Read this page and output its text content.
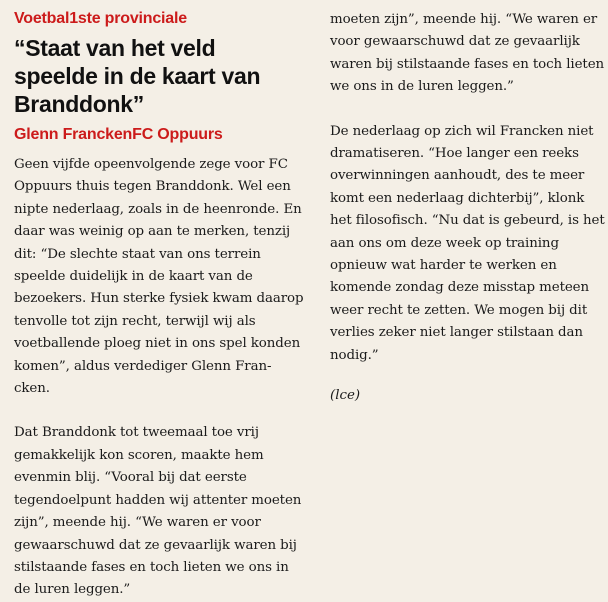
Voetbal1ste provinciale
“Staat van het veld speelde in de kaart van Branddonk”
Glenn FranckenFC Oppuurs

Geen vijfde opeenvolgende zege voor FC Oppuurs thuis tegen Branddonk. Wel een nipte nederlaag, zoals in de heenronde. En daar was weinig op aan te merken, tenzij dit: “De slechte staat van ons terrein speelde duidelijk in de kaart van de bezoekers. Hun sterke fysiek kwam daarop tenvolle tot zijn recht, terwijl wij als voetballende ploeg niet in ons spel konden komen”, aldus verdediger Glenn Fran-cken.

Dat Branddonk tot tweemaal toe vrij gemakkelijk kon scoren, maakte hem evenmin blij. “Vooral bij dat eerste tegendoelpunt hadden wij attenter moeten zijn”, meende hij. “We waren er voor gewaarschuwd dat ze gevaarlijk waren bij stilstaande fases en toch lieten we ons in de luren leggen.”

moeten zijn”, meende hij. “We waren er voor gewaarschuwd dat ze gevaarlijk waren bij stilstaande fases en toch lieten we ons in de luren leggen.”

De nederlaag op zich wil Francken niet dramatiseren. “Hoe langer een reeks overwinningen aanhoudt, des te meer komt een nederlaag dichterbij”, klonk het filosofisch. “Nu dat is gebeurd, is het aan ons om deze week op training opnieuw wat harder te werken en komende zondag deze misstap meteen weer recht te zetten. We mogen bij dit verlies zeker niet langer stilstaan dan nodig.”

(lce)
